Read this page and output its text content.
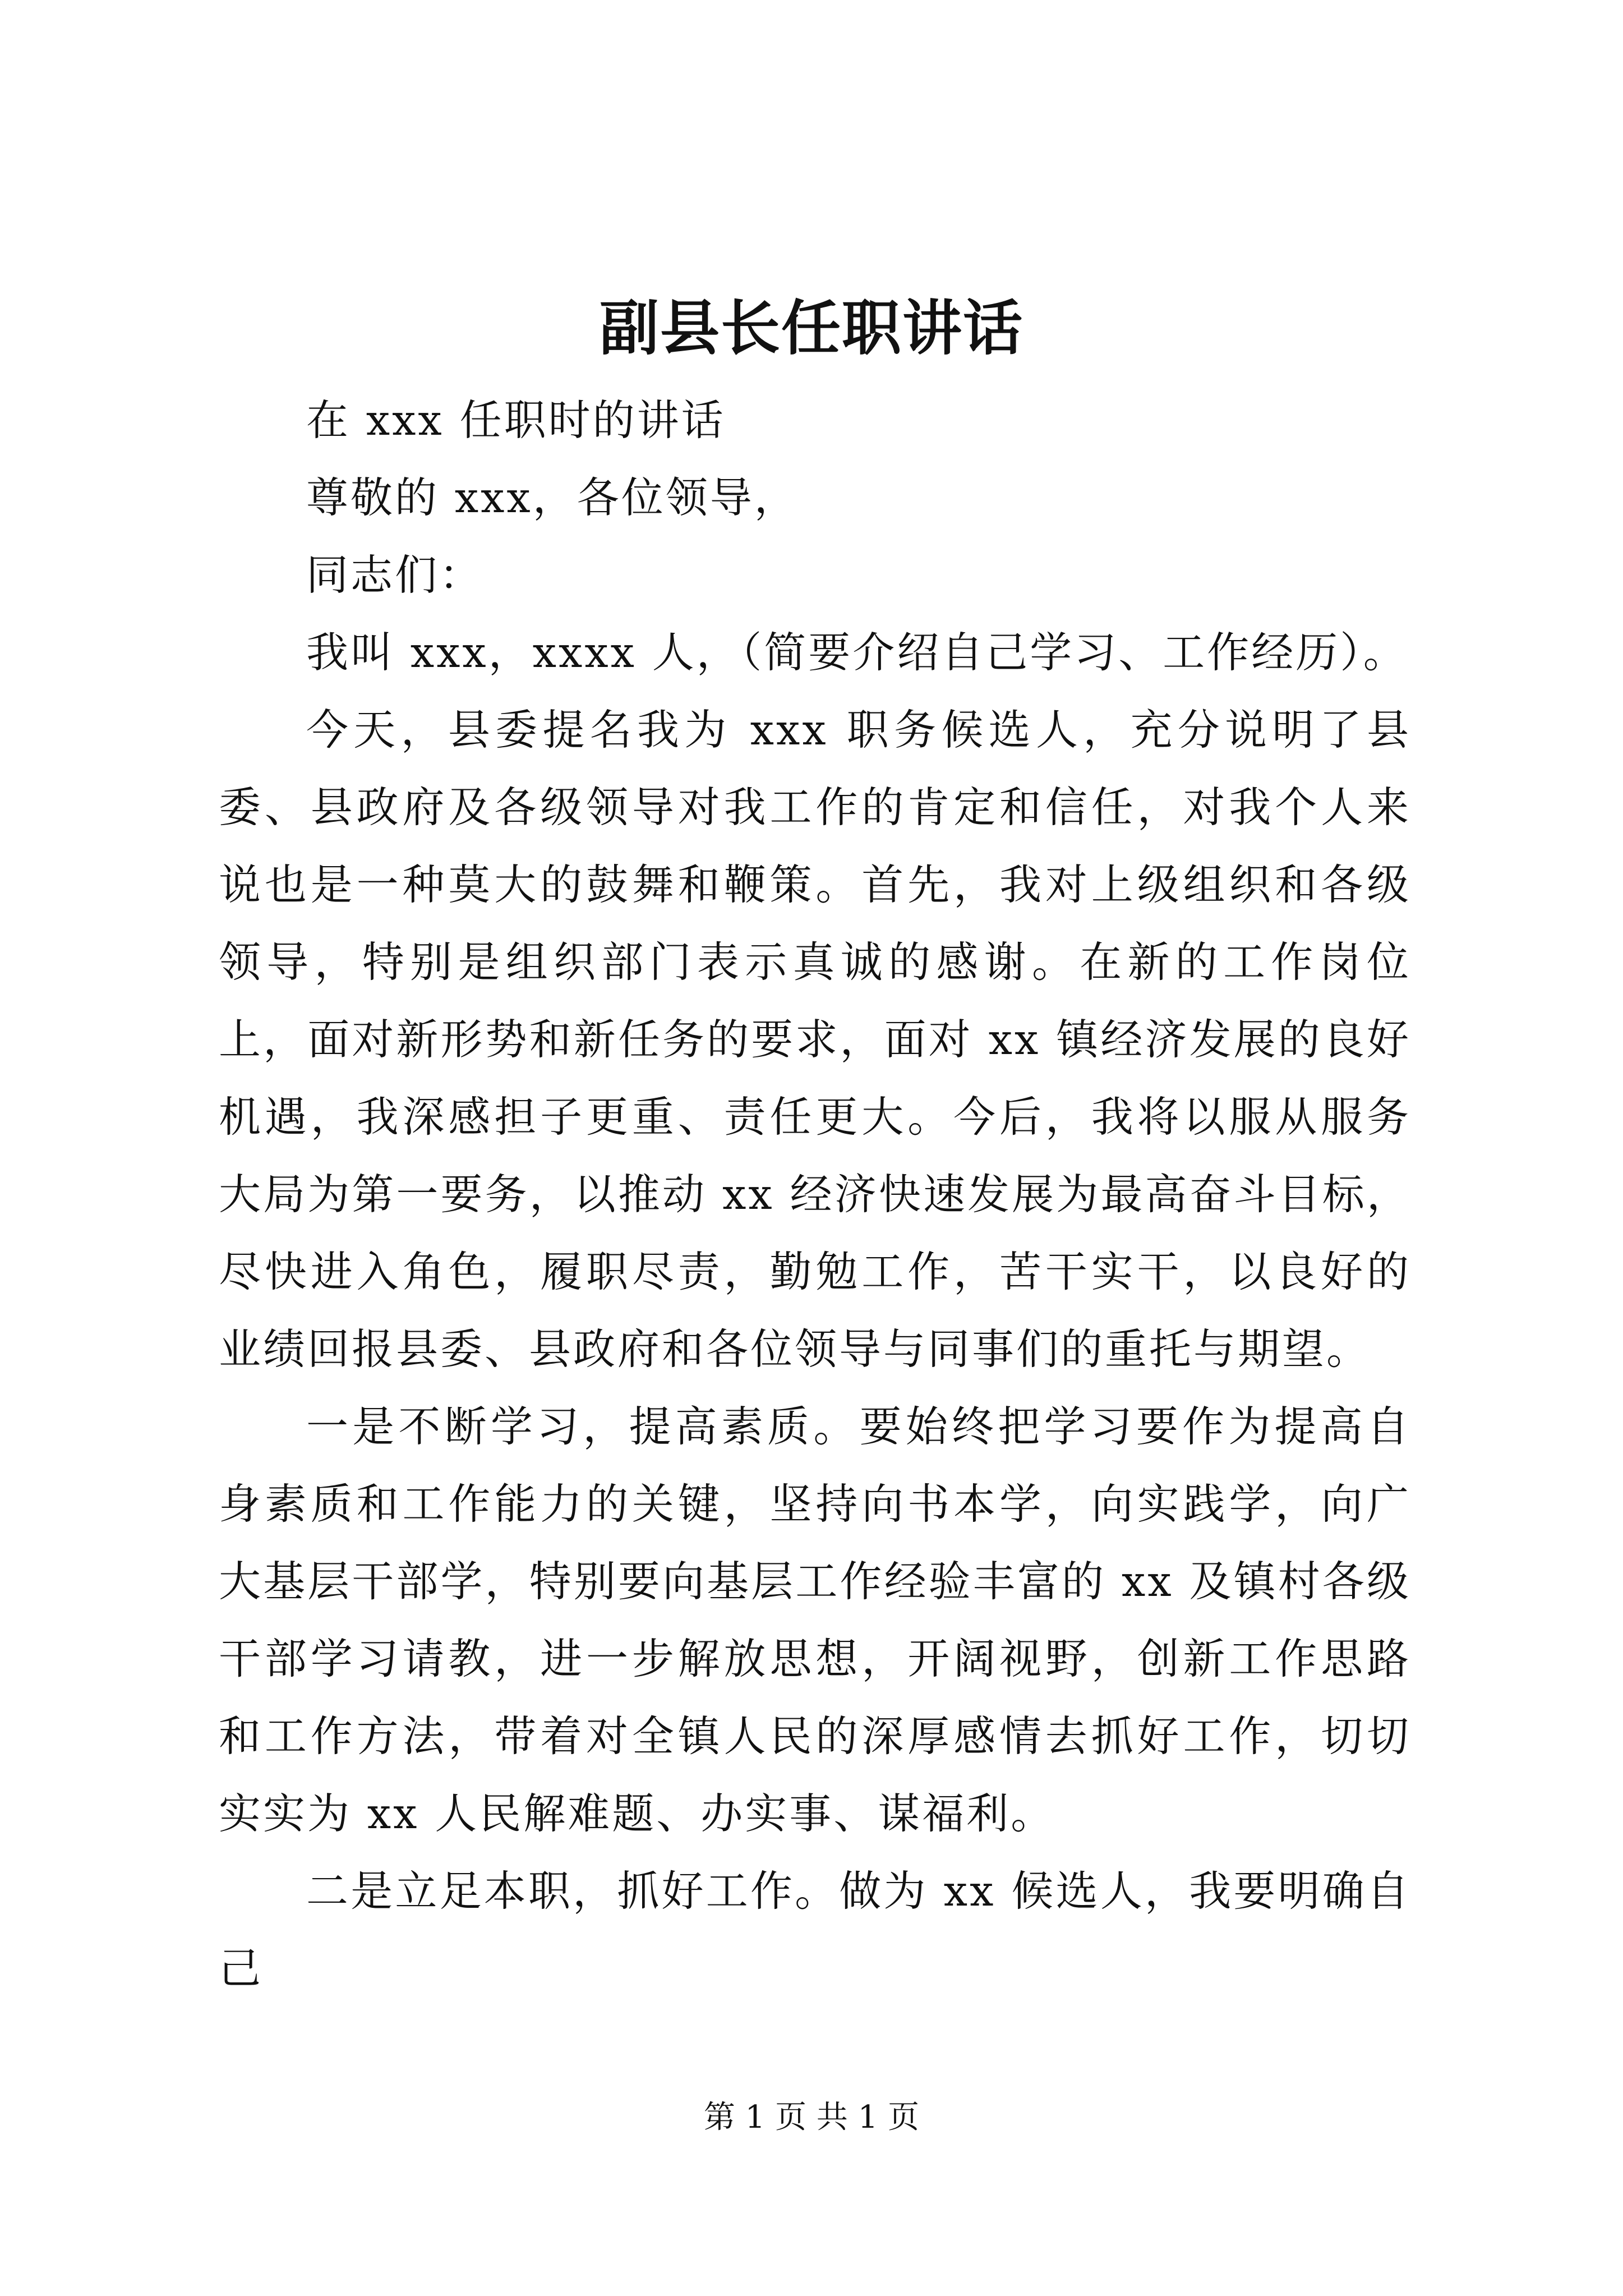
副县长任职讲话

在 xxx 任职时的讲话

尊敬的 xxx，各位领导，

同志们：

我叫 xxx，xxxx 人，（简要介绍自己学习、工作经历）。

今天，县委提名我为 xxx 职务候选人，充分说明了县委、县政府及各级领导对我工作的肯定和信任，对我个人来说也是一种莫大的鼓舞和鞭策。首先，我对上级组织和各级领导，特别是组织部门表示真诚的感谢。在新的工作岗位上，面对新形势和新任务的要求，面对 xx 镇经济发展的良好机遇，我深感担子更重、责任更大。今后，我将以服从服务大局为第一要务，以推动 xx 经济快速发展为最高奋斗目标，尽快进入角色，履职尽责，勤勉工作，苦干实干，以良好的业绩回报县委、县政府和各位领导与同事们的重托与期望。

一是不断学习，提高素质。要始终把学习要作为提高自身素质和工作能力的关键，坚持向书本学，向实践学，向广大基层干部学，特别要向基层工作经验丰富的 xx 及镇村各级干部学习请教，进一步解放思想，开阔视野，创新工作思路和工作方法，带着对全镇人民的深厚感情去抓好工作，切切实实为 xx 人民解难题、办实事、谋福利。

二是立足本职，抓好工作。做为 xx 候选人，我要明确自己

第 1 页 共 1 页
